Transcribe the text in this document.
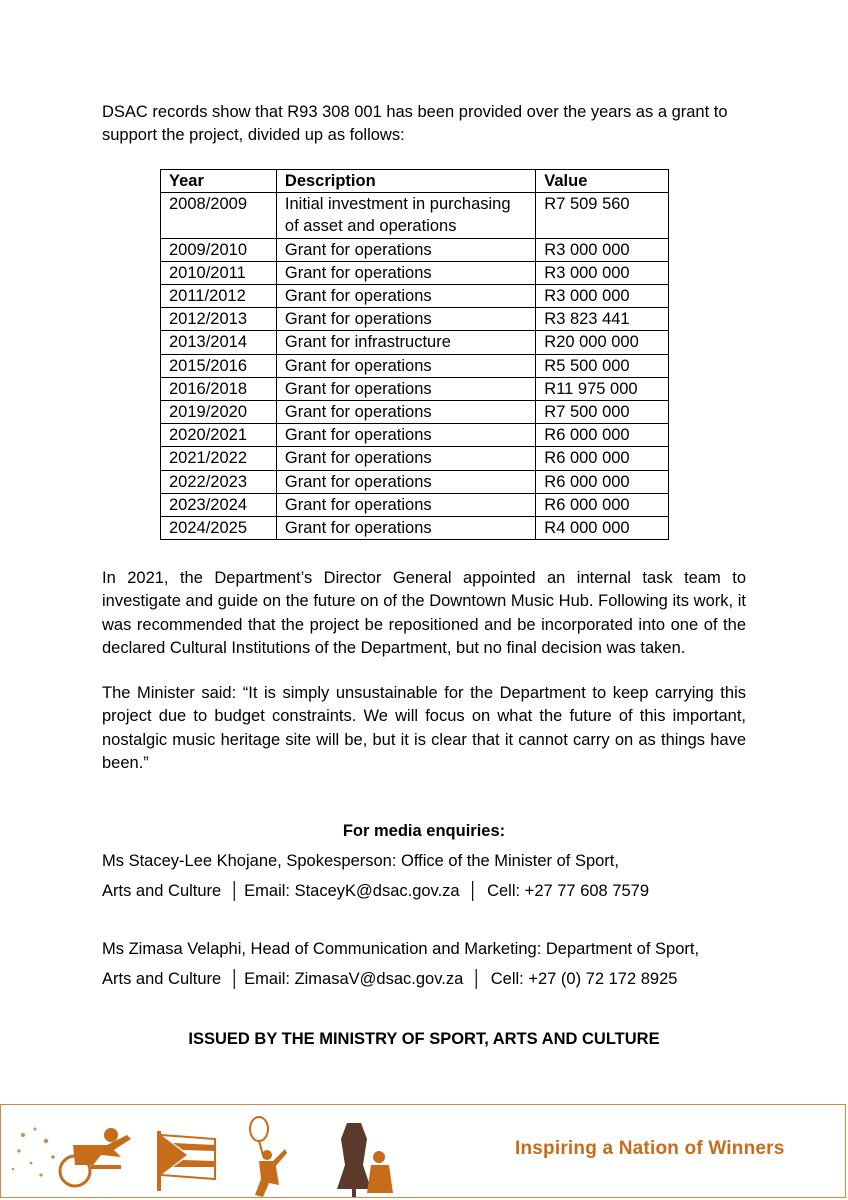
DSAC records show that R93 308 001 has been provided over the years as a grant to support the project, divided up as follows:

Year	Description	Value
2008/2009	Initial investment in purchasing of asset and operations	R7 509 560
2009/2010	Grant for operations	R3 000 000
2010/2011	Grant for operations	R3 000 000
2011/2012	Grant for operations	R3 000 000
2012/2013	Grant for operations	R3 823 441
2013/2014	Grant for infrastructure	R20 000 000
2015/2016	Grant for operations	R5 500 000
2016/2018	Grant for operations	R11 975 000
2019/2020	Grant for operations	R7 500 000
2020/2021	Grant for operations	R6 000 000
2021/2022	Grant for operations	R6 000 000
2022/2023	Grant for operations	R6 000 000
2023/2024	Grant for operations	R6 000 000
2024/2025	Grant for operations	R4 000 000

In 2021, the Department’s Director General appointed an internal task team to investigate and guide on the future on of the Downtown Music Hub. Following its work, it was recommended that the project be repositioned and be incorporated into one of the declared Cultural Institutions of the Department, but no final decision was taken.

The Minister said: “It is simply unsustainable for the Department to keep carrying this project due to budget constraints. We will focus on what the future of this important, nostalgic music heritage site will be, but it is clear that it cannot carry on as things have been.”

For media enquiries:
Ms Stacey-Lee Khojane, Spokesperson: Office of the Minister of Sport,
Arts and Culture │ Email: StaceyK@dsac.gov.za │ Cell: +27 77 608 7579
Ms Zimasa Velaphi, Head of Communication and Marketing: Department of Sport,
Arts and Culture │ Email: ZimasaV@dsac.gov.za │ Cell: +27 (0) 72 172 8925
ISSUED BY THE MINISTRY OF SPORT, ARTS AND CULTURE
Inspiring a Nation of Winners
